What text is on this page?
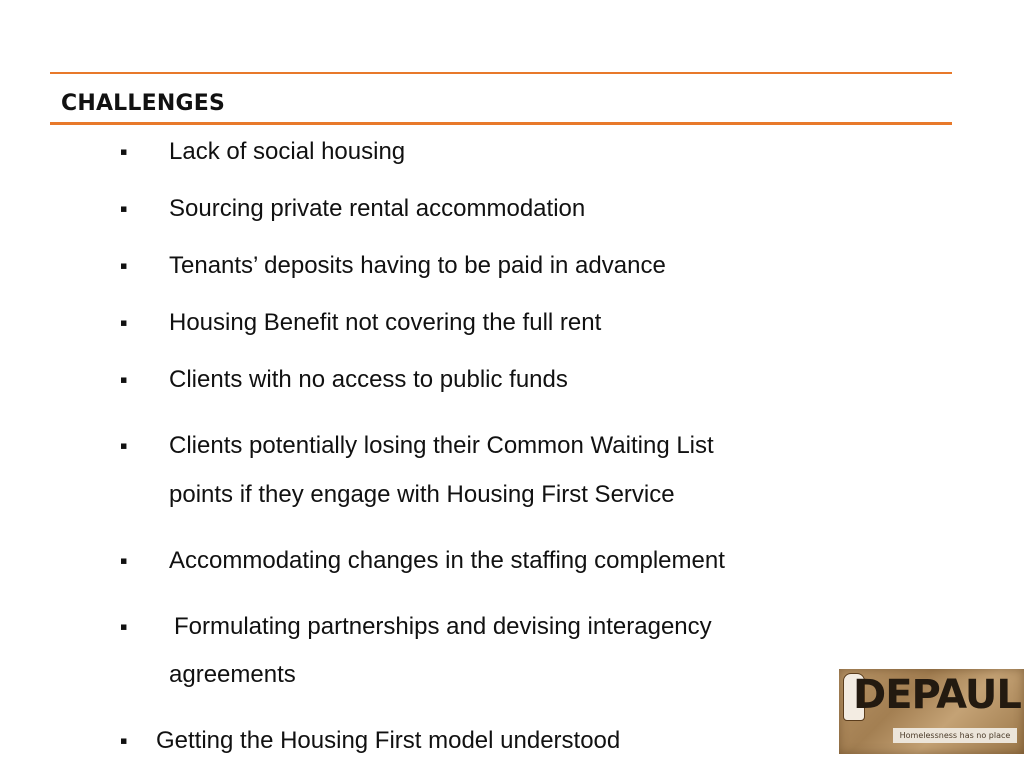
CHALLENGES
▪ Lack of social housing
▪ Sourcing private rental accommodation
▪ Tenants’ deposits having to be paid in advance
▪ Housing Benefit not covering the full rent
▪ Clients with no access to public funds
▪ Clients potentially losing their Common Waiting List
points if they engage with Housing First Service
▪ Accommodating changes in the staffing complement
▪ Formulating partnerships and devising interagency
agreements
▪ Getting the Housing First model understood
DEPAUL
Homelessness has no place
